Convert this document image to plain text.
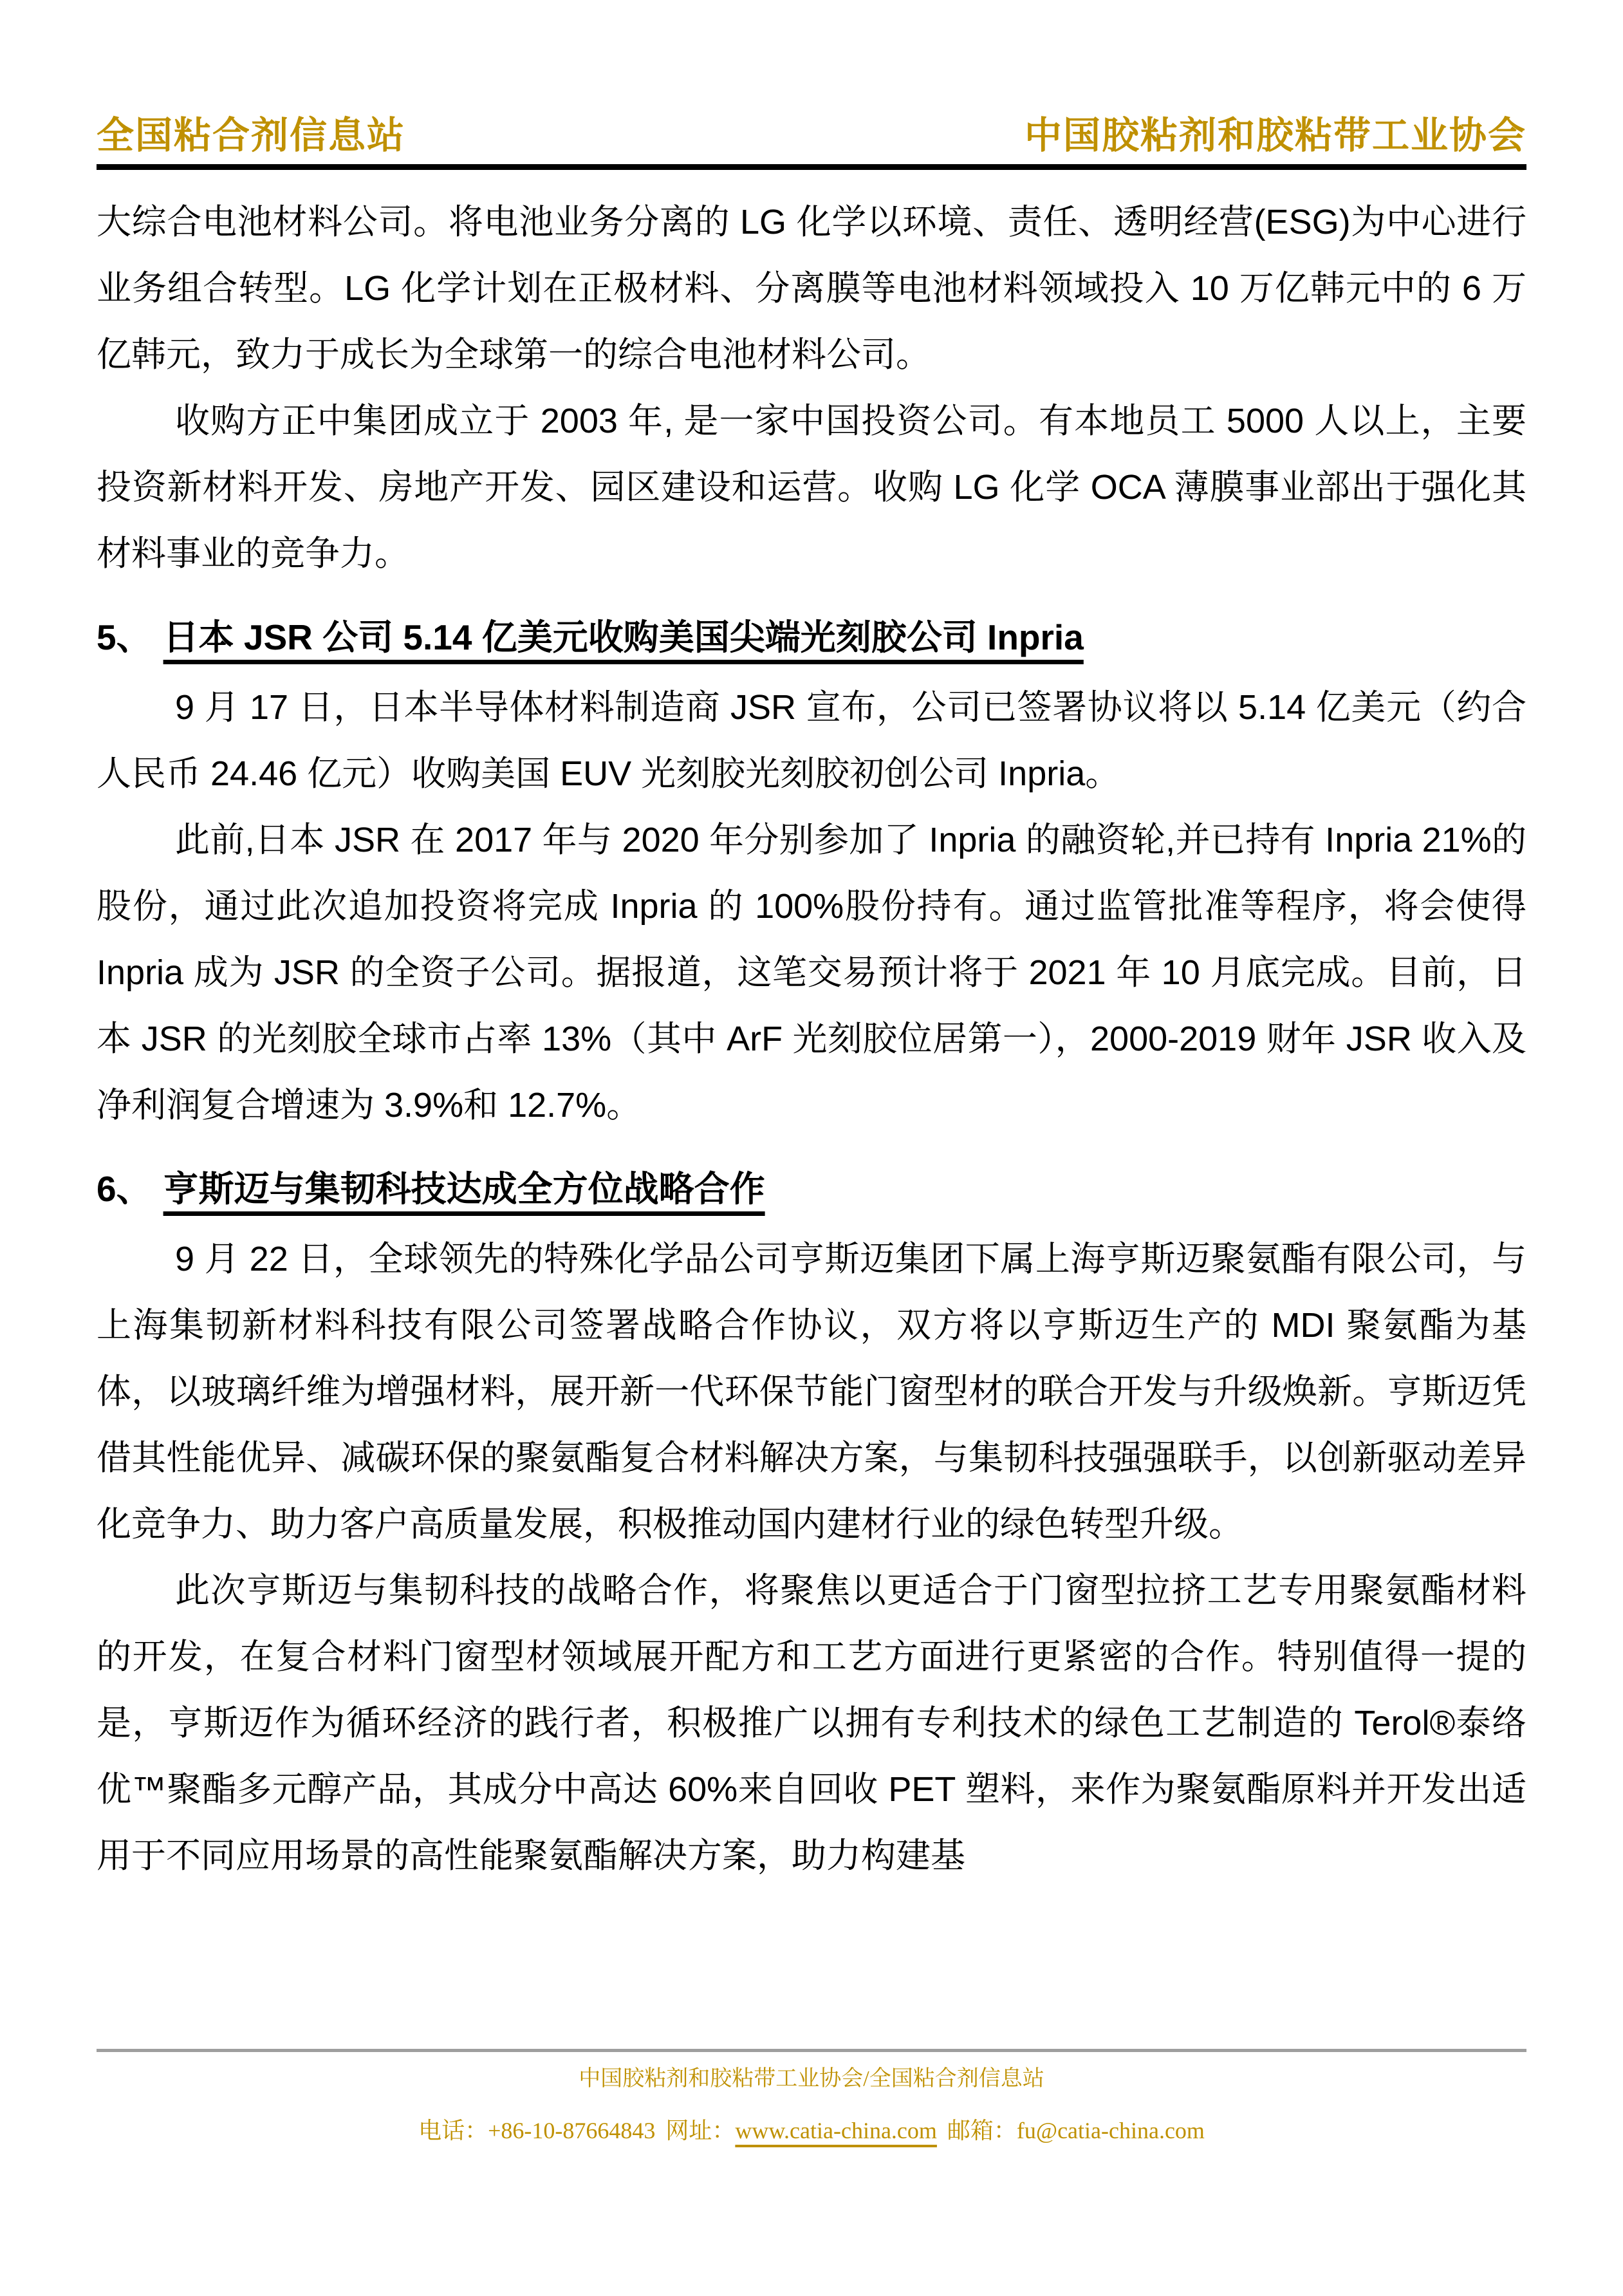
全国粘合剂信息站	中国胶粘剂和胶粘带工业协会

大综合电池材料公司。将电池业务分离的 LG 化学以环境、责任、透明经营(ESG)为中心进行业务组合转型。LG 化学计划在正极材料、分离膜等电池材料领域投入 10 万亿韩元中的 6 万亿韩元，致力于成长为全球第一的综合电池材料公司。

收购方正中集团成立于 2003 年, 是一家中国投资公司。有本地员工 5000 人以上，主要投资新材料开发、房地产开发、园区建设和运营。收购 LG 化学 OCA 薄膜事业部出于强化其材料事业的竞争力。

5、 日本 JSR 公司 5.14 亿美元收购美国尖端光刻胶公司 Inpria

9 月 17 日，日本半导体材料制造商 JSR 宣布，公司已签署协议将以 5.14 亿美元（约合人民币 24.46 亿元）收购美国 EUV 光刻胶光刻胶初创公司 Inpria。

此前,日本 JSR 在 2017 年与 2020 年分别参加了 Inpria 的融资轮,并已持有 Inpria 21%的股份，通过此次追加投资将完成 Inpria 的 100%股份持有。通过监管批准等程序，将会使得 Inpria 成为 JSR 的全资子公司。据报道，这笔交易预计将于 2021 年 10 月底完成。目前，日本 JSR 的光刻胶全球市占率 13%（其中 ArF 光刻胶位居第一），2000-2019 财年 JSR 收入及净利润复合增速为 3.9%和 12.7%。

6、 亨斯迈与集韧科技达成全方位战略合作

9 月 22 日，全球领先的特殊化学品公司亨斯迈集团下属上海亨斯迈聚氨酯有限公司，与上海集韧新材料科技有限公司签署战略合作协议，双方将以亨斯迈生产的 MDI 聚氨酯为基体，以玻璃纤维为增强材料，展开新一代环保节能门窗型材的联合开发与升级焕新。亨斯迈凭借其性能优异、减碳环保的聚氨酯复合材料解决方案，与集韧科技强强联手，以创新驱动差异化竞争力、助力客户高质量发展，积极推动国内建材行业的绿色转型升级。

此次亨斯迈与集韧科技的战略合作，将聚焦以更适合于门窗型拉挤工艺专用聚氨酯材料的开发，在复合材料门窗型材领域展开配方和工艺方面进行更紧密的合作。特别值得一提的是，亨斯迈作为循环经济的践行者，积极推广以拥有专利技术的绿色工艺制造的 Terol®泰络优™聚酯多元醇产品，其成分中高达 60%来自回收 PET 塑料，来作为聚氨酯原料并开发出适用于不同应用场景的高性能聚氨酯解决方案，助力构建基

中国胶粘剂和胶粘带工业协会/全国粘合剂信息站
电话：+86-10-87664843 网址：www.catia-china.com 邮箱：fu@catia-china.com
